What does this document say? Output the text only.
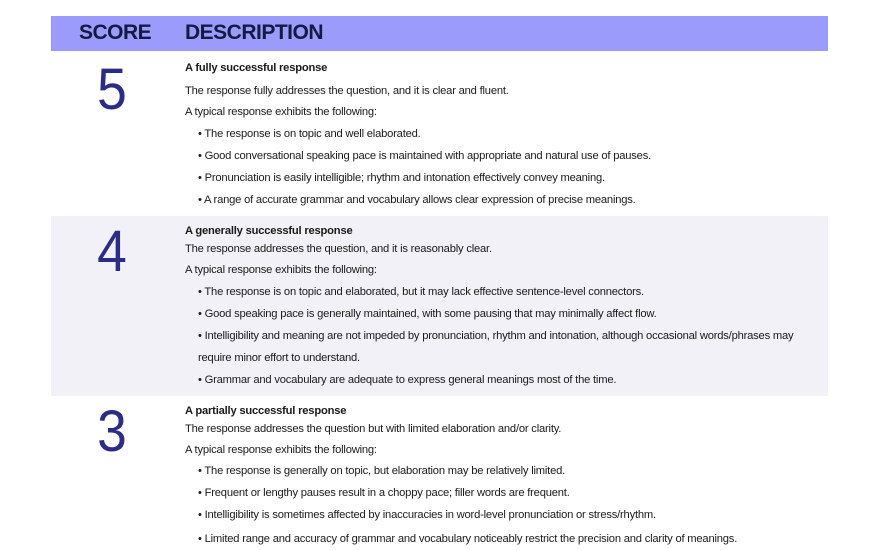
SCORE DESCRIPTION
5	A fully successful response
The response fully addresses the question, and it is clear and fluent.
A typical response exhibits the following:
• The response is on topic and well elaborated.
• Good conversational speaking pace is maintained with appropriate and natural use of pauses.
• Pronunciation is easily intelligible; rhythm and intonation effectively convey meaning.
• A range of accurate grammar and vocabulary allows clear expression of precise meanings.
4	A generally successful response
The response addresses the question, and it is reasonably clear.
A typical response exhibits the following:
• The response is on topic and elaborated, but it may lack effective sentence-level connectors.
• Good speaking pace is generally maintained, with some pausing that may minimally affect flow.
• Intelligibility and meaning are not impeded by pronunciation, rhythm and intonation, although occasional words/phrases may
require minor effort to understand.
• Grammar and vocabulary are adequate to express general meanings most of the time.
3	A partially successful response
The response addresses the question but with limited elaboration and/or clarity.
A typical response exhibits the following:
• The response is generally on topic, but elaboration may be relatively limited.
• Frequent or lengthy pauses result in a choppy pace; filler words are frequent.
• Intelligibility is sometimes affected by inaccuracies in word-level pronunciation or stress/rhythm.
• Limited range and accuracy of grammar and vocabulary noticeably restrict the precision and clarity of meanings.
